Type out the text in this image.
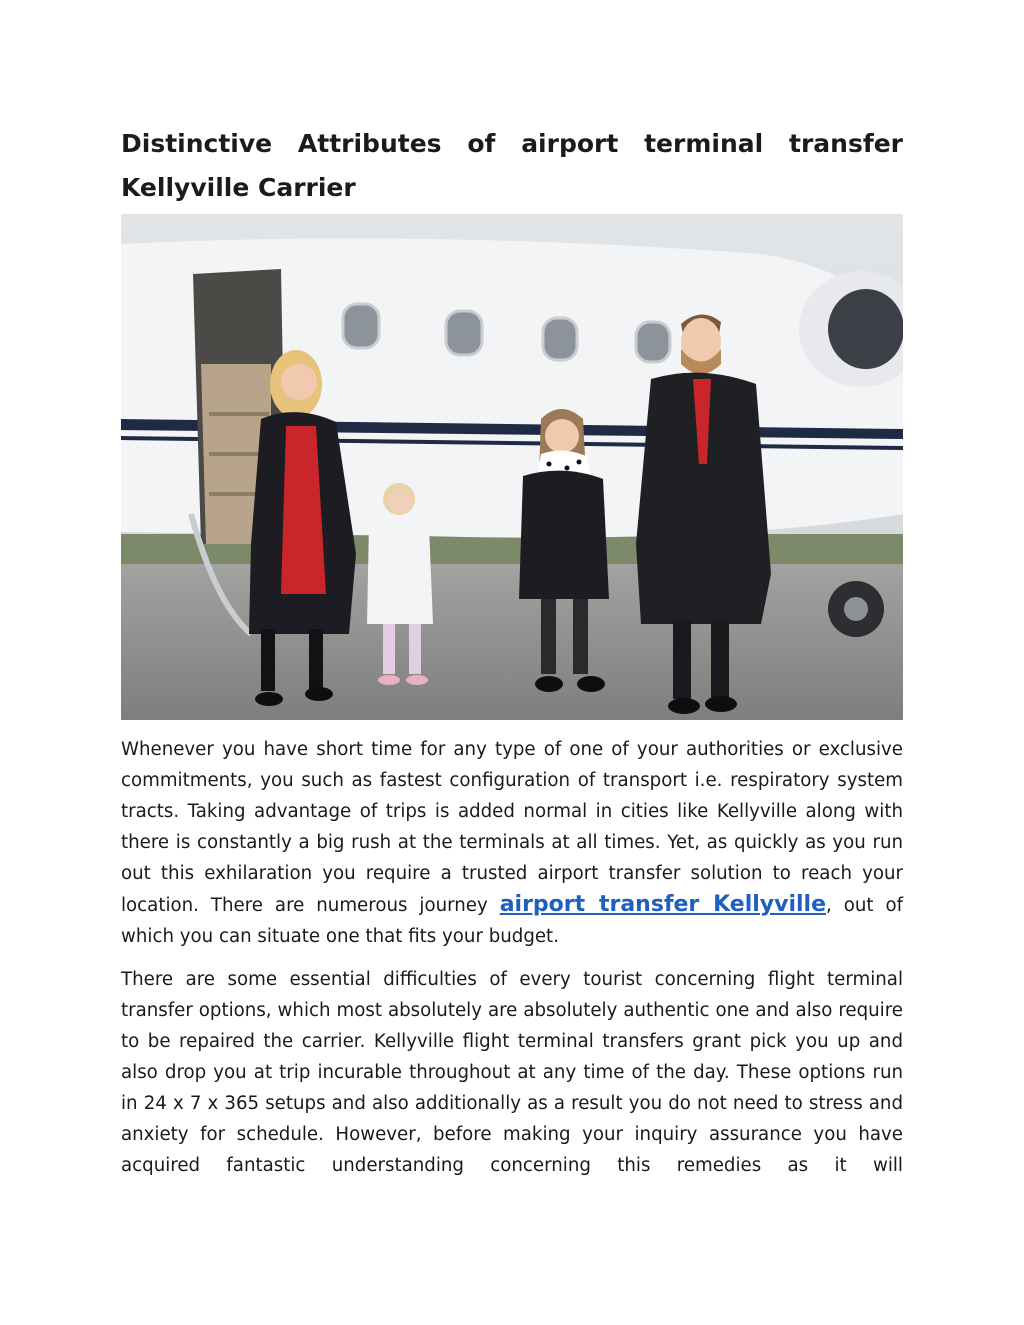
Distinctive Attributes of airport terminal transfer Kellyville Carrier

Whenever you have short time for any type of one of your authorities or exclusive commitments, you such as fastest configuration of transport i.e. respiratory system tracts. Taking advantage of trips is added normal in cities like Kellyville along with there is constantly a big rush at the terminals at all times. Yet, as quickly as you run out this exhilaration you require a trusted airport transfer solution to reach your location. There are numerous journey airport transfer Kellyville, out of which you can situate one that fits your budget.

There are some essential difficulties of every tourist concerning flight terminal transfer options, which most absolutely are absolutely authentic one and also require to be repaired the carrier. Kellyville flight terminal transfers grant pick you up and also drop you at trip incurable throughout at any time of the day. These options run in 24 x 7 x 365 setups and also additionally as a result you do not need to stress and anxiety for schedule. However, before making your inquiry assurance you have acquired fantastic understanding concerning this remedies as it will
